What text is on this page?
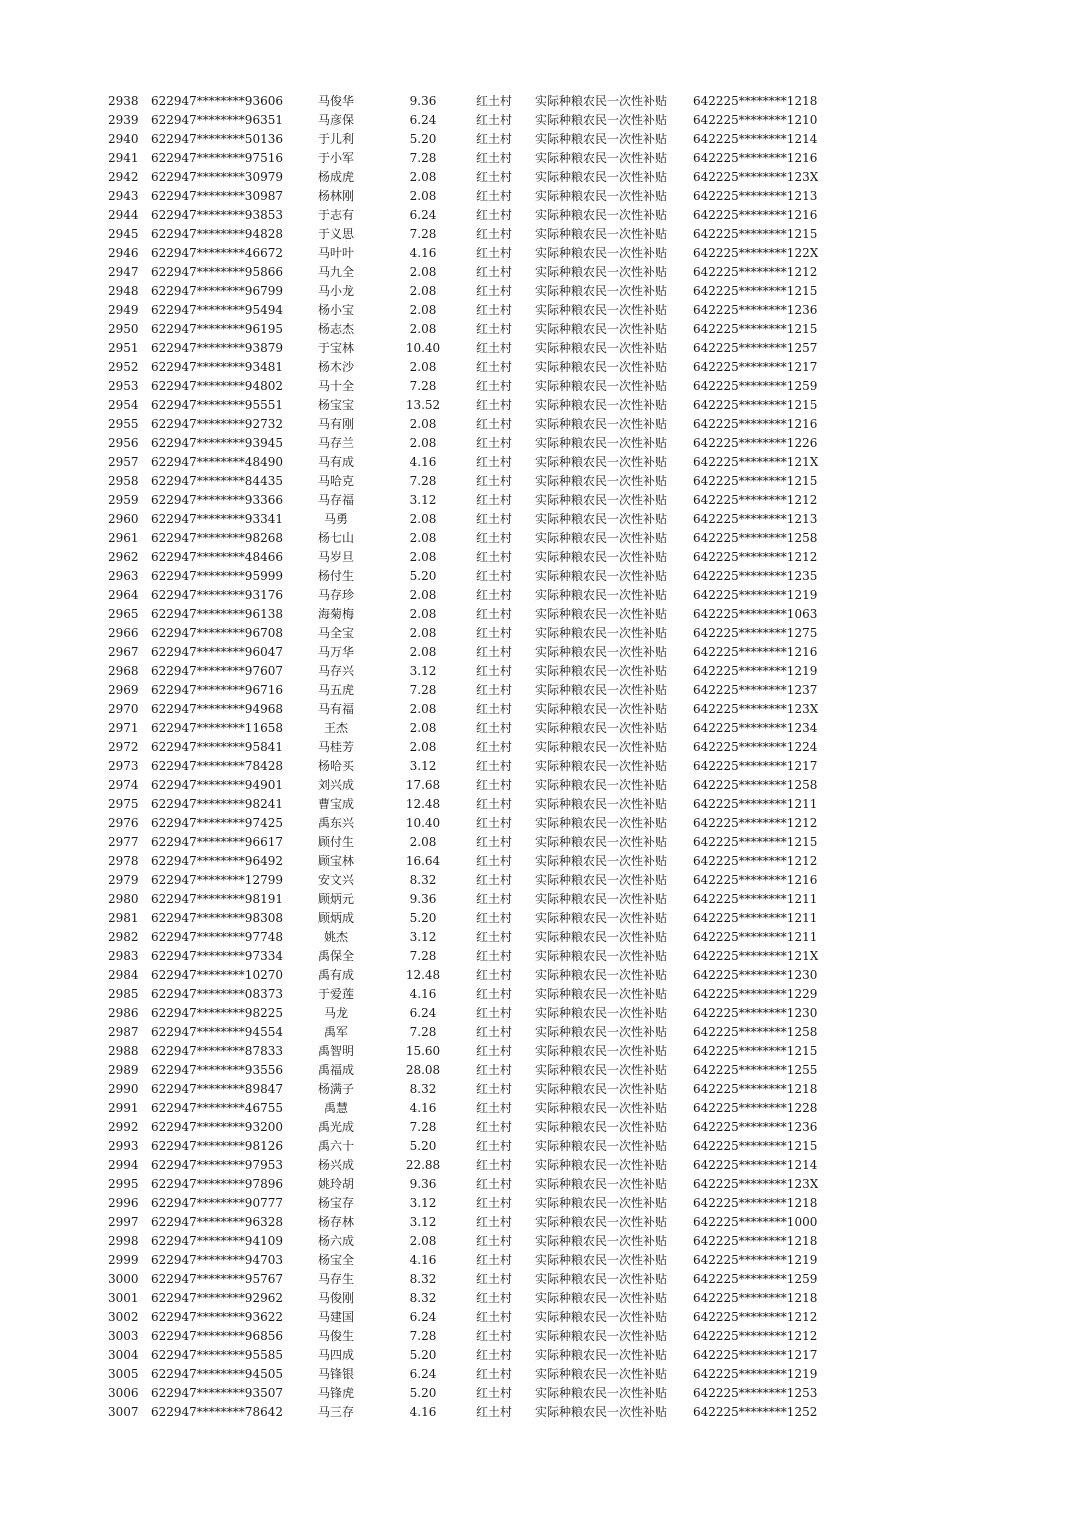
2938 622947********93606	马俊华	9.36	红土村 实际种粮农民一次性补贴 642225********1218
2939 622947********96351	马彦保	6.24	红土村 实际种粮农民一次性补贴 642225********1210
2940 622947********50136	于儿利	5.20	红土村 实际种粮农民一次性补贴 642225********1214
2941 622947********97516	于小军	7.28	红土村 实际种粮农民一次性补贴 642225********1216
2942 622947********30979	杨成虎	2.08	红土村 实际种粮农民一次性补贴 642225********123X
2943 622947********30987	杨林刚	2.08	红土村 实际种粮农民一次性补贴 642225********1213
2944 622947********93853	于志有	6.24	红土村 实际种粮农民一次性补贴 642225********1216
2945 622947********94828	于义思	7.28	红土村 实际种粮农民一次性补贴 642225********1215
2946 622947********46672	马叶叶	4.16	红土村 实际种粮农民一次性补贴 642225********122X
2947 622947********95866	马九全	2.08	红土村 实际种粮农民一次性补贴 642225********1212
2948 622947********96799	马小龙	2.08	红土村 实际种粮农民一次性补贴 642225********1215
2949 622947********95494	杨小宝	2.08	红土村 实际种粮农民一次性补贴 642225********1236
2950 622947********96195	杨志杰	2.08	红土村 实际种粮农民一次性补贴 642225********1215
2951 622947********93879	于宝林	10.40	红土村 实际种粮农民一次性补贴 642225********1257
2952 622947********93481	杨木沙	2.08	红土村 实际种粮农民一次性补贴 642225********1217
2953 622947********94802	马十全	7.28	红土村 实际种粮农民一次性补贴 642225********1259
2954 622947********95551	杨宝宝	13.52	红土村 实际种粮农民一次性补贴 642225********1215
2955 622947********92732	马有刚	2.08	红土村 实际种粮农民一次性补贴 642225********1216
2956 622947********93945	马存兰	2.08	红土村 实际种粮农民一次性补贴 642225********1226
2957 622947********48490	马有成	4.16	红土村 实际种粮农民一次性补贴 642225********121X
2958 622947********84435	马哈克	7.28	红土村 实际种粮农民一次性补贴 642225********1215
2959 622947********93366	马存福	3.12	红土村 实际种粮农民一次性补贴 642225********1212
2960 622947********93341	马勇	2.08	红土村 实际种粮农民一次性补贴 642225********1213
2961 622947********98268	杨七山	2.08	红土村 实际种粮农民一次性补贴 642225********1258
2962 622947********48466	马岁旦	2.08	红土村 实际种粮农民一次性补贴 642225********1212
2963 622947********95999	杨付生	5.20	红土村 实际种粮农民一次性补贴 642225********1235
2964 622947********93176	马存珍	2.08	红土村 实际种粮农民一次性补贴 642225********1219
2965 622947********96138	海菊梅	2.08	红土村 实际种粮农民一次性补贴 642225********1063
2966 622947********96708	马全宝	2.08	红土村 实际种粮农民一次性补贴 642225********1275
2967 622947********96047	马万华	2.08	红土村 实际种粮农民一次性补贴 642225********1216
2968 622947********97607	马存兴	3.12	红土村 实际种粮农民一次性补贴 642225********1219
2969 622947********96716	马五虎	7.28	红土村 实际种粮农民一次性补贴 642225********1237
2970 622947********94968	马有福	2.08	红土村 实际种粮农民一次性补贴 642225********123X
2971 622947********11658	王杰	2.08	红土村 实际种粮农民一次性补贴 642225********1234
2972 622947********95841	马桂芳	2.08	红土村 实际种粮农民一次性补贴 642225********1224
2973 622947********78428	杨哈买	3.12	红土村 实际种粮农民一次性补贴 642225********1217
2974 622947********94901	刘兴成	17.68	红土村 实际种粮农民一次性补贴 642225********1258
2975 622947********98241	曹宝成	12.48	红土村 实际种粮农民一次性补贴 642225********1211
2976 622947********97425	禹东兴	10.40	红土村 实际种粮农民一次性补贴 642225********1212
2977 622947********96617	顾付生	2.08	红土村 实际种粮农民一次性补贴 642225********1215
2978 622947********96492	顾宝林	16.64	红土村 实际种粮农民一次性补贴 642225********1212
2979 622947********12799	安文兴	8.32	红土村 实际种粮农民一次性补贴 642225********1216
2980 622947********98191	顾炳元	9.36	红土村 实际种粮农民一次性补贴 642225********1211
2981 622947********98308	顾炳成	5.20	红土村 实际种粮农民一次性补贴 642225********1211
2982 622947********97748	姚杰	3.12	红土村 实际种粮农民一次性补贴 642225********1211
2983 622947********97334	禹保全	7.28	红土村 实际种粮农民一次性补贴 642225********121X
2984 622947********10270	禹有成	12.48	红土村 实际种粮农民一次性补贴 642225********1230
2985 622947********08373	于爱莲	4.16	红土村 实际种粮农民一次性补贴 642225********1229
2986 622947********98225	马龙	6.24	红土村 实际种粮农民一次性补贴 642225********1230
2987 622947********94554	禹军	7.28	红土村 实际种粮农民一次性补贴 642225********1258
2988 622947********87833	禹智明	15.60	红土村 实际种粮农民一次性补贴 642225********1215
2989 622947********93556	禹福成	28.08	红土村 实际种粮农民一次性补贴 642225********1255
2990 622947********89847	杨满子	8.32	红土村 实际种粮农民一次性补贴 642225********1218
2991 622947********46755	禹慧	4.16	红土村 实际种粮农民一次性补贴 642225********1228
2992 622947********93200	禹光成	7.28	红土村 实际种粮农民一次性补贴 642225********1236
2993 622947********98126	禹六十	5.20	红土村 实际种粮农民一次性补贴 642225********1215
2994 622947********97953	杨兴成	22.88	红土村 实际种粮农民一次性补贴 642225********1214
2995 622947********97896	姚玲胡	9.36	红土村 实际种粮农民一次性补贴 642225********123X
2996 622947********90777	杨宝存	3.12	红土村 实际种粮农民一次性补贴 642225********1218
2997 622947********96328	杨存林	3.12	红土村 实际种粮农民一次性补贴 642225********1000
2998 622947********94109	杨六成	2.08	红土村 实际种粮农民一次性补贴 642225********1218
2999 622947********94703	杨宝全	4.16	红土村 实际种粮农民一次性补贴 642225********1219
3000 622947********95767	马存生	8.32	红土村 实际种粮农民一次性补贴 642225********1259
3001 622947********92962	马俊刚	8.32	红土村 实际种粮农民一次性补贴 642225********1218
3002 622947********93622	马建国	6.24	红土村 实际种粮农民一次性补贴 642225********1212
3003 622947********96856	马俊生	7.28	红土村 实际种粮农民一次性补贴 642225********1212
3004 622947********95585	马四成	5.20	红土村 实际种粮农民一次性补贴 642225********1217
3005 622947********94505	马锋银	6.24	红土村 实际种粮农民一次性补贴 642225********1219
3006 622947********93507	马锋虎	5.20	红土村 实际种粮农民一次性补贴 642225********1253
3007 622947********78642	马三存	4.16	红土村 实际种粮农民一次性补贴 642225********1252
